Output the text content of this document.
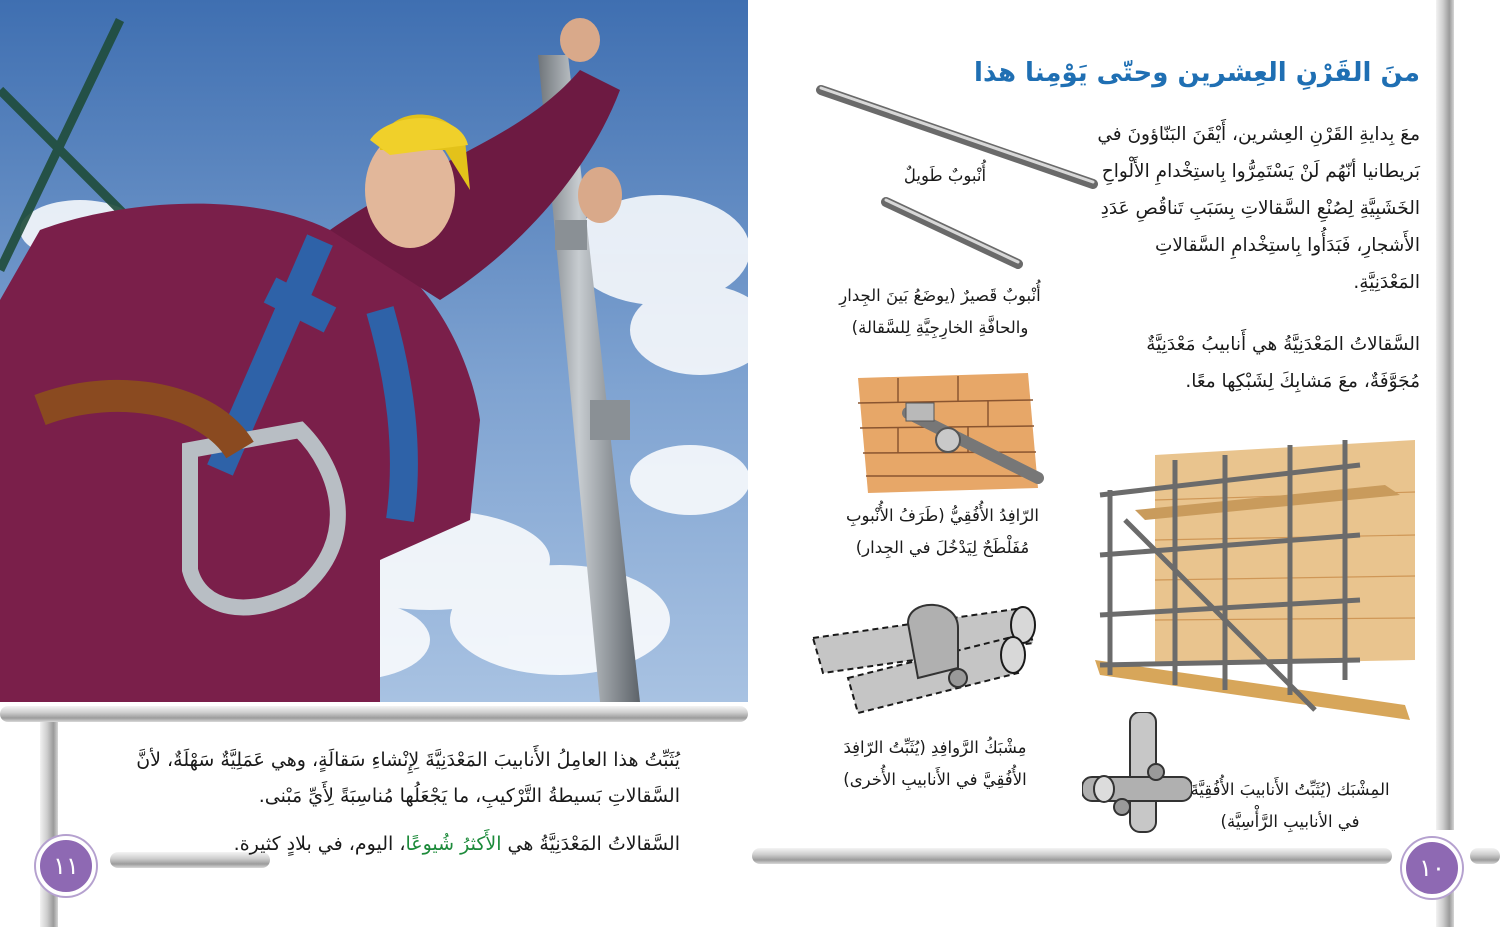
يُثَبِّتُ هذا العامِلُ الأَنابيبَ المَعْدَنِيَّةَ لِإِنْشاءِ سَقالَةٍ، وهي عَمَلِيَّةٌ سَهْلَةٌ، لأنَّ السَّقالاتِ بَسيطةُ التَّرْكيبِ، ما يَجْعَلُها مُناسِبَةً لِأَيِّ مَبْنى.

السَّقالاتُ المَعْدَنِيَّةُ هي الأَكثرُ شُيوعًا، اليوم، في بلادٍ كثيرة.

١١
منَ القَرْنِ العِشرين وحتّى يَوْمِنا هذا
معَ بِدايةِ القَرْنِ العِشرين، أَيْقَنَ البَنّاؤونَ في بَريطانيا أنّهُم لَنْ يَسْتَمِرُّوا بِاستِخْدامِ الأَلْواحِ الخَشَبِيَّةِ لِصُنْعِ السَّقالاتِ بِسَبَبِ تَناقُصِ عَدَدِ الأَشجارِ، فَبَدَأُوا بِاستِخْدامِ السَّقالاتِ المَعْدَنِيَّةِ.
السَّقالاتُ المَعْدَنِيَّةُ هي أَنابيبُ مَعْدَنِيَّةٌ مُجَوَّفَةٌ، معَ مَشابِكَ لِشَبْكِها معًا.
أُنْبوبٌ طَويلٌ
أُنْبوبٌ قَصيرٌ (يوضَعُ بَينَ الجِدارِ والحافَّةِ الخارِجِيَّةِ لِلسَّقالة)
الرّافِدُ الأُفُقِيُّ (طَرَفُ الأُنْبوبِ مُفَلْطَحٌ لِيَدْخُلَ في الجِدار)
مِشْبَكُ الرَّوافِدِ (يُثَبِّتُ الرّافِدَ الأُفُقِيَّ في الأَنابيبِ الأُخرى)
المِشْبَك (يُثَبِّتُ الأَنابيبَ الأُفُقِيَّةَ في الأنابيبِ الرَّأْسِيَّة)
١٠
